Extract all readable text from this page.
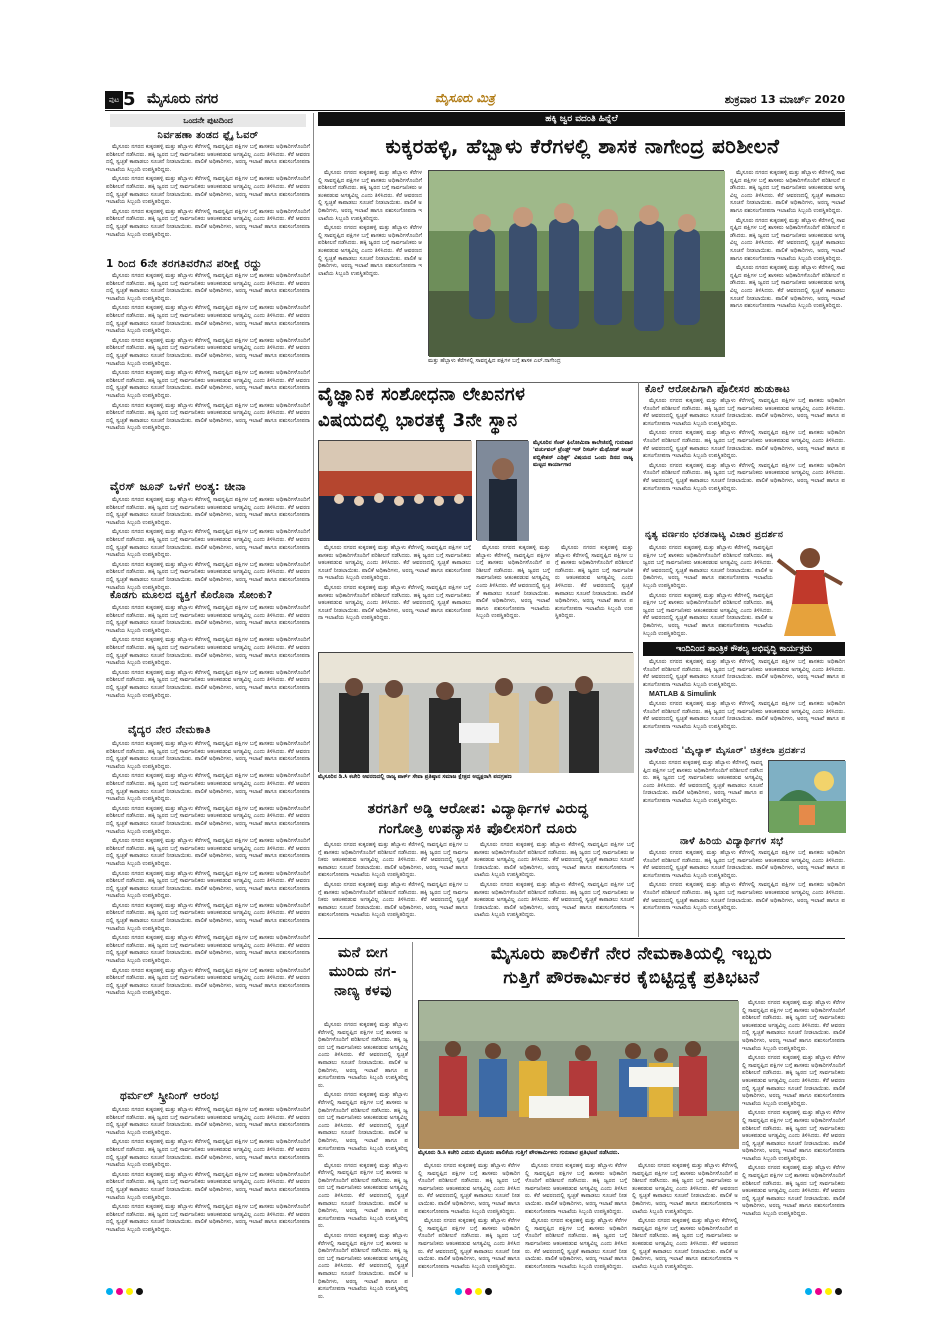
ಪುಟ 5 ಮೈಸೂರು ನಗರ	ಮೈಸೂರು ಮಿತ್ರ	ಶುಕ್ರವಾರ 13 ಮಾರ್ಚ್ 2020
ಒಂದನೇ ಪುಟದಿಂದ
ನಿರ್ವಹಣಾ ತಂಡದ ಫ್ಲೈ ಓವರ್

ಮೈಸೂರು ನಗರದ ಕುಕ್ಕರಹಳ್ಳಿ ಮತ್ತು ಹೆಬ್ಬಾಳು ಕೆರೆಗಳಲ್ಲಿ ಸಾವನ್ನಪ್ಪಿದ ಪಕ್ಷಿಗಳ ಬಗ್ಗೆ ಶಾಸಕರು ಅಧಿಕಾರಿಗಳೊಂದಿಗೆ ಪರಿಶೀಲನೆ ನಡೆಸಿದರು. ಹಕ್ಕಿ ಜ್ವರದ ಬಗ್ಗೆ ಸಾರ್ವಜನಿಕರು ಆತಂಕಪಡುವ ಅಗತ್ಯವಿಲ್ಲ ಎಂದು ತಿಳಿಸಿದರು. ಕೆರೆ ಆವರಣದಲ್ಲಿ ಸ್ವಚ್ಛತೆ ಕಾಪಾಡಲು ಸೂಚನೆ ನೀಡಲಾಯಿತು. ಪಾಲಿಕೆ ಅಧಿಕಾರಿಗಳು, ಅರಣ್ಯ ಇಲಾಖೆ ಹಾಗೂ ಪಶುಸಂಗೋಪನಾ ಇಲಾಖೆಯ ಸಿಬ್ಬಂದಿ ಉಪಸ್ಥಿತರಿದ್ದರು.

ಮೈಸೂರು ನಗರದ ಕುಕ್ಕರಹಳ್ಳಿ ಮತ್ತು ಹೆಬ್ಬಾಳು ಕೆರೆಗಳಲ್ಲಿ ಸಾವನ್ನಪ್ಪಿದ ಪಕ್ಷಿಗಳ ಬಗ್ಗೆ ಶಾಸಕರು ಅಧಿಕಾರಿಗಳೊಂದಿಗೆ ಪರಿಶೀಲನೆ ನಡೆಸಿದರು. ಹಕ್ಕಿ ಜ್ವರದ ಬಗ್ಗೆ ಸಾರ್ವಜನಿಕರು ಆತಂಕಪಡುವ ಅಗತ್ಯವಿಲ್ಲ ಎಂದು ತಿಳಿಸಿದರು. ಕೆರೆ ಆವರಣದಲ್ಲಿ ಸ್ವಚ್ಛತೆ ಕಾಪಾಡಲು ಸೂಚನೆ ನೀಡಲಾಯಿತು. ಪಾಲಿಕೆ ಅಧಿಕಾರಿಗಳು, ಅರಣ್ಯ ಇಲಾಖೆ ಹಾಗೂ ಪಶುಸಂಗೋಪನಾ ಇಲಾಖೆಯ ಸಿಬ್ಬಂದಿ ಉಪಸ್ಥಿತರಿದ್ದರು.

ಮೈಸೂರು ನಗರದ ಕುಕ್ಕರಹಳ್ಳಿ ಮತ್ತು ಹೆಬ್ಬಾಳು ಕೆರೆಗಳಲ್ಲಿ ಸಾವನ್ನಪ್ಪಿದ ಪಕ್ಷಿಗಳ ಬಗ್ಗೆ ಶಾಸಕರು ಅಧಿಕಾರಿಗಳೊಂದಿಗೆ ಪರಿಶೀಲನೆ ನಡೆಸಿದರು. ಹಕ್ಕಿ ಜ್ವರದ ಬಗ್ಗೆ ಸಾರ್ವಜನಿಕರು ಆತಂಕಪಡುವ ಅಗತ್ಯವಿಲ್ಲ ಎಂದು ತಿಳಿಸಿದರು. ಕೆರೆ ಆವರಣದಲ್ಲಿ ಸ್ವಚ್ಛತೆ ಕಾಪಾಡಲು ಸೂಚನೆ ನೀಡಲಾಯಿತು. ಪಾಲಿಕೆ ಅಧಿಕಾರಿಗಳು, ಅರಣ್ಯ ಇಲಾಖೆ ಹಾಗೂ ಪಶುಸಂಗೋಪನಾ ಇಲಾಖೆಯ ಸಿಬ್ಬಂದಿ ಉಪಸ್ಥಿತರಿದ್ದರು.

1 ರಿಂದ 6ನೇ ತರಗತಿವರೆಗಿನ ಪರೀಕ್ಷೆ ರದ್ದು

ಮೈಸೂರು ನಗರದ ಕುಕ್ಕರಹಳ್ಳಿ ಮತ್ತು ಹೆಬ್ಬಾಳು ಕೆರೆಗಳಲ್ಲಿ ಸಾವನ್ನಪ್ಪಿದ ಪಕ್ಷಿಗಳ ಬಗ್ಗೆ ಶಾಸಕರು ಅಧಿಕಾರಿಗಳೊಂದಿಗೆ ಪರಿಶೀಲನೆ ನಡೆಸಿದರು. ಹಕ್ಕಿ ಜ್ವರದ ಬಗ್ಗೆ ಸಾರ್ವಜನಿಕರು ಆತಂಕಪಡುವ ಅಗತ್ಯವಿಲ್ಲ ಎಂದು ತಿಳಿಸಿದರು. ಕೆರೆ ಆವರಣದಲ್ಲಿ ಸ್ವಚ್ಛತೆ ಕಾಪಾಡಲು ಸೂಚನೆ ನೀಡಲಾಯಿತು. ಪಾಲಿಕೆ ಅಧಿಕಾರಿಗಳು, ಅರಣ್ಯ ಇಲಾಖೆ ಹಾಗೂ ಪಶುಸಂಗೋಪನಾ ಇಲಾಖೆಯ ಸಿಬ್ಬಂದಿ ಉಪಸ್ಥಿತರಿದ್ದರು.

ಮೈಸೂರು ನಗರದ ಕುಕ್ಕರಹಳ್ಳಿ ಮತ್ತು ಹೆಬ್ಬಾಳು ಕೆರೆಗಳಲ್ಲಿ ಸಾವನ್ನಪ್ಪಿದ ಪಕ್ಷಿಗಳ ಬಗ್ಗೆ ಶಾಸಕರು ಅಧಿಕಾರಿಗಳೊಂದಿಗೆ ಪರಿಶೀಲನೆ ನಡೆಸಿದರು. ಹಕ್ಕಿ ಜ್ವರದ ಬಗ್ಗೆ ಸಾರ್ವಜನಿಕರು ಆತಂಕಪಡುವ ಅಗತ್ಯವಿಲ್ಲ ಎಂದು ತಿಳಿಸಿದರು. ಕೆರೆ ಆವರಣದಲ್ಲಿ ಸ್ವಚ್ಛತೆ ಕಾಪಾಡಲು ಸೂಚನೆ ನೀಡಲಾಯಿತು. ಪಾಲಿಕೆ ಅಧಿಕಾರಿಗಳು, ಅರಣ್ಯ ಇಲಾಖೆ ಹಾಗೂ ಪಶುಸಂಗೋಪನಾ ಇಲಾಖೆಯ ಸಿಬ್ಬಂದಿ ಉಪಸ್ಥಿತರಿದ್ದರು.

ಮೈಸೂರು ನಗರದ ಕುಕ್ಕರಹಳ್ಳಿ ಮತ್ತು ಹೆಬ್ಬಾಳು ಕೆರೆಗಳಲ್ಲಿ ಸಾವನ್ನಪ್ಪಿದ ಪಕ್ಷಿಗಳ ಬಗ್ಗೆ ಶಾಸಕರು ಅಧಿಕಾರಿಗಳೊಂದಿಗೆ ಪರಿಶೀಲನೆ ನಡೆಸಿದರು. ಹಕ್ಕಿ ಜ್ವರದ ಬಗ್ಗೆ ಸಾರ್ವಜನಿಕರು ಆತಂಕಪಡುವ ಅಗತ್ಯವಿಲ್ಲ ಎಂದು ತಿಳಿಸಿದರು. ಕೆರೆ ಆವರಣದಲ್ಲಿ ಸ್ವಚ್ಛತೆ ಕಾಪಾಡಲು ಸೂಚನೆ ನೀಡಲಾಯಿತು. ಪಾಲಿಕೆ ಅಧಿಕಾರಿಗಳು, ಅರಣ್ಯ ಇಲಾಖೆ ಹಾಗೂ ಪಶುಸಂಗೋಪನಾ ಇಲಾಖೆಯ ಸಿಬ್ಬಂದಿ ಉಪಸ್ಥಿತರಿದ್ದರು.

ಮೈಸೂರು ನಗರದ ಕುಕ್ಕರಹಳ್ಳಿ ಮತ್ತು ಹೆಬ್ಬಾಳು ಕೆರೆಗಳಲ್ಲಿ ಸಾವನ್ನಪ್ಪಿದ ಪಕ್ಷಿಗಳ ಬಗ್ಗೆ ಶಾಸಕರು ಅಧಿಕಾರಿಗಳೊಂದಿಗೆ ಪರಿಶೀಲನೆ ನಡೆಸಿದರು. ಹಕ್ಕಿ ಜ್ವರದ ಬಗ್ಗೆ ಸಾರ್ವಜನಿಕರು ಆತಂಕಪಡುವ ಅಗತ್ಯವಿಲ್ಲ ಎಂದು ತಿಳಿಸಿದರು. ಕೆರೆ ಆವರಣದಲ್ಲಿ ಸ್ವಚ್ಛತೆ ಕಾಪಾಡಲು ಸೂಚನೆ ನೀಡಲಾಯಿತು. ಪಾಲಿಕೆ ಅಧಿಕಾರಿಗಳು, ಅರಣ್ಯ ಇಲಾಖೆ ಹಾಗೂ ಪಶುಸಂಗೋಪನಾ ಇಲಾಖೆಯ ಸಿಬ್ಬಂದಿ ಉಪಸ್ಥಿತರಿದ್ದರು.

ಮೈಸೂರು ನಗರದ ಕುಕ್ಕರಹಳ್ಳಿ ಮತ್ತು ಹೆಬ್ಬಾಳು ಕೆರೆಗಳಲ್ಲಿ ಸಾವನ್ನಪ್ಪಿದ ಪಕ್ಷಿಗಳ ಬಗ್ಗೆ ಶಾಸಕರು ಅಧಿಕಾರಿಗಳೊಂದಿಗೆ ಪರಿಶೀಲನೆ ನಡೆಸಿದರು. ಹಕ್ಕಿ ಜ್ವರದ ಬಗ್ಗೆ ಸಾರ್ವಜನಿಕರು ಆತಂಕಪಡುವ ಅಗತ್ಯವಿಲ್ಲ ಎಂದು ತಿಳಿಸಿದರು. ಕೆರೆ ಆವರಣದಲ್ಲಿ ಸ್ವಚ್ಛತೆ ಕಾಪಾಡಲು ಸೂಚನೆ ನೀಡಲಾಯಿತು. ಪಾಲಿಕೆ ಅಧಿಕಾರಿಗಳು, ಅರಣ್ಯ ಇಲಾಖೆ ಹಾಗೂ ಪಶುಸಂಗೋಪನಾ ಇಲಾಖೆಯ ಸಿಬ್ಬಂದಿ ಉಪಸ್ಥಿತರಿದ್ದರು.

ವೈರಸ್ ಜೂನ್ ಒಳಗೆ ಅಂತ್ಯ: ಚೀನಾ

ಮೈಸೂರು ನಗರದ ಕುಕ್ಕರಹಳ್ಳಿ ಮತ್ತು ಹೆಬ್ಬಾಳು ಕೆರೆಗಳಲ್ಲಿ ಸಾವನ್ನಪ್ಪಿದ ಪಕ್ಷಿಗಳ ಬಗ್ಗೆ ಶಾಸಕರು ಅಧಿಕಾರಿಗಳೊಂದಿಗೆ ಪರಿಶೀಲನೆ ನಡೆಸಿದರು. ಹಕ್ಕಿ ಜ್ವರದ ಬಗ್ಗೆ ಸಾರ್ವಜನಿಕರು ಆತಂಕಪಡುವ ಅಗತ್ಯವಿಲ್ಲ ಎಂದು ತಿಳಿಸಿದರು. ಕೆರೆ ಆವರಣದಲ್ಲಿ ಸ್ವಚ್ಛತೆ ಕಾಪಾಡಲು ಸೂಚನೆ ನೀಡಲಾಯಿತು. ಪಾಲಿಕೆ ಅಧಿಕಾರಿಗಳು, ಅರಣ್ಯ ಇಲಾಖೆ ಹಾಗೂ ಪಶುಸಂಗೋಪನಾ ಇಲಾಖೆಯ ಸಿಬ್ಬಂದಿ ಉಪಸ್ಥಿತರಿದ್ದರು.

ಮೈಸೂರು ನಗರದ ಕುಕ್ಕರಹಳ್ಳಿ ಮತ್ತು ಹೆಬ್ಬಾಳು ಕೆರೆಗಳಲ್ಲಿ ಸಾವನ್ನಪ್ಪಿದ ಪಕ್ಷಿಗಳ ಬಗ್ಗೆ ಶಾಸಕರು ಅಧಿಕಾರಿಗಳೊಂದಿಗೆ ಪರಿಶೀಲನೆ ನಡೆಸಿದರು. ಹಕ್ಕಿ ಜ್ವರದ ಬಗ್ಗೆ ಸಾರ್ವಜನಿಕರು ಆತಂಕಪಡುವ ಅಗತ್ಯವಿಲ್ಲ ಎಂದು ತಿಳಿಸಿದರು. ಕೆರೆ ಆವರಣದಲ್ಲಿ ಸ್ವಚ್ಛತೆ ಕಾಪಾಡಲು ಸೂಚನೆ ನೀಡಲಾಯಿತು. ಪಾಲಿಕೆ ಅಧಿಕಾರಿಗಳು, ಅರಣ್ಯ ಇಲಾಖೆ ಹಾಗೂ ಪಶುಸಂಗೋಪನಾ ಇಲಾಖೆಯ ಸಿಬ್ಬಂದಿ ಉಪಸ್ಥಿತರಿದ್ದರು.

ಮೈಸೂರು ನಗರದ ಕುಕ್ಕರಹಳ್ಳಿ ಮತ್ತು ಹೆಬ್ಬಾಳು ಕೆರೆಗಳಲ್ಲಿ ಸಾವನ್ನಪ್ಪಿದ ಪಕ್ಷಿಗಳ ಬಗ್ಗೆ ಶಾಸಕರು ಅಧಿಕಾರಿಗಳೊಂದಿಗೆ ಪರಿಶೀಲನೆ ನಡೆಸಿದರು. ಹಕ್ಕಿ ಜ್ವರದ ಬಗ್ಗೆ ಸಾರ್ವಜನಿಕರು ಆತಂಕಪಡುವ ಅಗತ್ಯವಿಲ್ಲ ಎಂದು ತಿಳಿಸಿದರು. ಕೆರೆ ಆವರಣದಲ್ಲಿ ಸ್ವಚ್ಛತೆ ಕಾಪಾಡಲು ಸೂಚನೆ ನೀಡಲಾಯಿತು. ಪಾಲಿಕೆ ಅಧಿಕಾರಿಗಳು, ಅರಣ್ಯ ಇಲಾಖೆ ಹಾಗೂ ಪಶುಸಂಗೋಪನಾ ಇಲಾಖೆಯ ಸಿಬ್ಬಂದಿ ಉಪಸ್ಥಿತರಿದ್ದರು.

ಕೊಡಗು ಮೂಲದ ವ್ಯಕ್ತಿಗೆ ಕೊರೊನಾ ಸೋಂಕು?

ಮೈಸೂರು ನಗರದ ಕುಕ್ಕರಹಳ್ಳಿ ಮತ್ತು ಹೆಬ್ಬಾಳು ಕೆರೆಗಳಲ್ಲಿ ಸಾವನ್ನಪ್ಪಿದ ಪಕ್ಷಿಗಳ ಬಗ್ಗೆ ಶಾಸಕರು ಅಧಿಕಾರಿಗಳೊಂದಿಗೆ ಪರಿಶೀಲನೆ ನಡೆಸಿದರು. ಹಕ್ಕಿ ಜ್ವರದ ಬಗ್ಗೆ ಸಾರ್ವಜನಿಕರು ಆತಂಕಪಡುವ ಅಗತ್ಯವಿಲ್ಲ ಎಂದು ತಿಳಿಸಿದರು. ಕೆರೆ ಆವರಣದಲ್ಲಿ ಸ್ವಚ್ಛತೆ ಕಾಪಾಡಲು ಸೂಚನೆ ನೀಡಲಾಯಿತು. ಪಾಲಿಕೆ ಅಧಿಕಾರಿಗಳು, ಅರಣ್ಯ ಇಲಾಖೆ ಹಾಗೂ ಪಶುಸಂಗೋಪನಾ ಇಲಾಖೆಯ ಸಿಬ್ಬಂದಿ ಉಪಸ್ಥಿತರಿದ್ದರು.

ಮೈಸೂರು ನಗರದ ಕುಕ್ಕರಹಳ್ಳಿ ಮತ್ತು ಹೆಬ್ಬಾಳು ಕೆರೆಗಳಲ್ಲಿ ಸಾವನ್ನಪ್ಪಿದ ಪಕ್ಷಿಗಳ ಬಗ್ಗೆ ಶಾಸಕರು ಅಧಿಕಾರಿಗಳೊಂದಿಗೆ ಪರಿಶೀಲನೆ ನಡೆಸಿದರು. ಹಕ್ಕಿ ಜ್ವರದ ಬಗ್ಗೆ ಸಾರ್ವಜನಿಕರು ಆತಂಕಪಡುವ ಅಗತ್ಯವಿಲ್ಲ ಎಂದು ತಿಳಿಸಿದರು. ಕೆರೆ ಆವರಣದಲ್ಲಿ ಸ್ವಚ್ಛತೆ ಕಾಪಾಡಲು ಸೂಚನೆ ನೀಡಲಾಯಿತು. ಪಾಲಿಕೆ ಅಧಿಕಾರಿಗಳು, ಅರಣ್ಯ ಇಲಾಖೆ ಹಾಗೂ ಪಶುಸಂಗೋಪನಾ ಇಲಾಖೆಯ ಸಿಬ್ಬಂದಿ ಉಪಸ್ಥಿತರಿದ್ದರು.

ಮೈಸೂರು ನಗರದ ಕುಕ್ಕರಹಳ್ಳಿ ಮತ್ತು ಹೆಬ್ಬಾಳು ಕೆರೆಗಳಲ್ಲಿ ಸಾವನ್ನಪ್ಪಿದ ಪಕ್ಷಿಗಳ ಬಗ್ಗೆ ಶಾಸಕರು ಅಧಿಕಾರಿಗಳೊಂದಿಗೆ ಪರಿಶೀಲನೆ ನಡೆಸಿದರು. ಹಕ್ಕಿ ಜ್ವರದ ಬಗ್ಗೆ ಸಾರ್ವಜನಿಕರು ಆತಂಕಪಡುವ ಅಗತ್ಯವಿಲ್ಲ ಎಂದು ತಿಳಿಸಿದರು. ಕೆರೆ ಆವರಣದಲ್ಲಿ ಸ್ವಚ್ಛತೆ ಕಾಪಾಡಲು ಸೂಚನೆ ನೀಡಲಾಯಿತು. ಪಾಲಿಕೆ ಅಧಿಕಾರಿಗಳು, ಅರಣ್ಯ ಇಲಾಖೆ ಹಾಗೂ ಪಶುಸಂಗೋಪನಾ ಇಲಾಖೆಯ ಸಿಬ್ಬಂದಿ ಉಪಸ್ಥಿತರಿದ್ದರು.

ವೈದ್ಯರ ನೇರ ನೇಮಕಾತಿ

ಮೈಸೂರು ನಗರದ ಕುಕ್ಕರಹಳ್ಳಿ ಮತ್ತು ಹೆಬ್ಬಾಳು ಕೆರೆಗಳಲ್ಲಿ ಸಾವನ್ನಪ್ಪಿದ ಪಕ್ಷಿಗಳ ಬಗ್ಗೆ ಶಾಸಕರು ಅಧಿಕಾರಿಗಳೊಂದಿಗೆ ಪರಿಶೀಲನೆ ನಡೆಸಿದರು. ಹಕ್ಕಿ ಜ್ವರದ ಬಗ್ಗೆ ಸಾರ್ವಜನಿಕರು ಆತಂಕಪಡುವ ಅಗತ್ಯವಿಲ್ಲ ಎಂದು ತಿಳಿಸಿದರು. ಕೆರೆ ಆವರಣದಲ್ಲಿ ಸ್ವಚ್ಛತೆ ಕಾಪಾಡಲು ಸೂಚನೆ ನೀಡಲಾಯಿತು. ಪಾಲಿಕೆ ಅಧಿಕಾರಿಗಳು, ಅರಣ್ಯ ಇಲಾಖೆ ಹಾಗೂ ಪಶುಸಂಗೋಪನಾ ಇಲಾಖೆಯ ಸಿಬ್ಬಂದಿ ಉಪಸ್ಥಿತರಿದ್ದರು.

ಮೈಸೂರು ನಗರದ ಕುಕ್ಕರಹಳ್ಳಿ ಮತ್ತು ಹೆಬ್ಬಾಳು ಕೆರೆಗಳಲ್ಲಿ ಸಾವನ್ನಪ್ಪಿದ ಪಕ್ಷಿಗಳ ಬಗ್ಗೆ ಶಾಸಕರು ಅಧಿಕಾರಿಗಳೊಂದಿಗೆ ಪರಿಶೀಲನೆ ನಡೆಸಿದರು. ಹಕ್ಕಿ ಜ್ವರದ ಬಗ್ಗೆ ಸಾರ್ವಜನಿಕರು ಆತಂಕಪಡುವ ಅಗತ್ಯವಿಲ್ಲ ಎಂದು ತಿಳಿಸಿದರು. ಕೆರೆ ಆವರಣದಲ್ಲಿ ಸ್ವಚ್ಛತೆ ಕಾಪಾಡಲು ಸೂಚನೆ ನೀಡಲಾಯಿತು. ಪಾಲಿಕೆ ಅಧಿಕಾರಿಗಳು, ಅರಣ್ಯ ಇಲಾಖೆ ಹಾಗೂ ಪಶುಸಂಗೋಪನಾ ಇಲಾಖೆಯ ಸಿಬ್ಬಂದಿ ಉಪಸ್ಥಿತರಿದ್ದರು.

ಮೈಸೂರು ನಗರದ ಕುಕ್ಕರಹಳ್ಳಿ ಮತ್ತು ಹೆಬ್ಬಾಳು ಕೆರೆಗಳಲ್ಲಿ ಸಾವನ್ನಪ್ಪಿದ ಪಕ್ಷಿಗಳ ಬಗ್ಗೆ ಶಾಸಕರು ಅಧಿಕಾರಿಗಳೊಂದಿಗೆ ಪರಿಶೀಲನೆ ನಡೆಸಿದರು. ಹಕ್ಕಿ ಜ್ವರದ ಬಗ್ಗೆ ಸಾರ್ವಜನಿಕರು ಆತಂಕಪಡುವ ಅಗತ್ಯವಿಲ್ಲ ಎಂದು ತಿಳಿಸಿದರು. ಕೆರೆ ಆವರಣದಲ್ಲಿ ಸ್ವಚ್ಛತೆ ಕಾಪಾಡಲು ಸೂಚನೆ ನೀಡಲಾಯಿತು. ಪಾಲಿಕೆ ಅಧಿಕಾರಿಗಳು, ಅರಣ್ಯ ಇಲಾಖೆ ಹಾಗೂ ಪಶುಸಂಗೋಪನಾ ಇಲಾಖೆಯ ಸಿಬ್ಬಂದಿ ಉಪಸ್ಥಿತರಿದ್ದರು.

ಮೈಸೂರು ನಗರದ ಕುಕ್ಕರಹಳ್ಳಿ ಮತ್ತು ಹೆಬ್ಬಾಳು ಕೆರೆಗಳಲ್ಲಿ ಸಾವನ್ನಪ್ಪಿದ ಪಕ್ಷಿಗಳ ಬಗ್ಗೆ ಶಾಸಕರು ಅಧಿಕಾರಿಗಳೊಂದಿಗೆ ಪರಿಶೀಲನೆ ನಡೆಸಿದರು. ಹಕ್ಕಿ ಜ್ವರದ ಬಗ್ಗೆ ಸಾರ್ವಜನಿಕರು ಆತಂಕಪಡುವ ಅಗತ್ಯವಿಲ್ಲ ಎಂದು ತಿಳಿಸಿದರು. ಕೆರೆ ಆವರಣದಲ್ಲಿ ಸ್ವಚ್ಛತೆ ಕಾಪಾಡಲು ಸೂಚನೆ ನೀಡಲಾಯಿತು. ಪಾಲಿಕೆ ಅಧಿಕಾರಿಗಳು, ಅರಣ್ಯ ಇಲಾಖೆ ಹಾಗೂ ಪಶುಸಂಗೋಪನಾ ಇಲಾಖೆಯ ಸಿಬ್ಬಂದಿ ಉಪಸ್ಥಿತರಿದ್ದರು.

ಮೈಸೂರು ನಗರದ ಕುಕ್ಕರಹಳ್ಳಿ ಮತ್ತು ಹೆಬ್ಬಾಳು ಕೆರೆಗಳಲ್ಲಿ ಸಾವನ್ನಪ್ಪಿದ ಪಕ್ಷಿಗಳ ಬಗ್ಗೆ ಶಾಸಕರು ಅಧಿಕಾರಿಗಳೊಂದಿಗೆ ಪರಿಶೀಲನೆ ನಡೆಸಿದರು. ಹಕ್ಕಿ ಜ್ವರದ ಬಗ್ಗೆ ಸಾರ್ವಜನಿಕರು ಆತಂಕಪಡುವ ಅಗತ್ಯವಿಲ್ಲ ಎಂದು ತಿಳಿಸಿದರು. ಕೆರೆ ಆವರಣದಲ್ಲಿ ಸ್ವಚ್ಛತೆ ಕಾಪಾಡಲು ಸೂಚನೆ ನೀಡಲಾಯಿತು. ಪಾಲಿಕೆ ಅಧಿಕಾರಿಗಳು, ಅರಣ್ಯ ಇಲಾಖೆ ಹಾಗೂ ಪಶುಸಂಗೋಪನಾ ಇಲಾಖೆಯ ಸಿಬ್ಬಂದಿ ಉಪಸ್ಥಿತರಿದ್ದರು.

ಮೈಸೂರು ನಗರದ ಕುಕ್ಕರಹಳ್ಳಿ ಮತ್ತು ಹೆಬ್ಬಾಳು ಕೆರೆಗಳಲ್ಲಿ ಸಾವನ್ನಪ್ಪಿದ ಪಕ್ಷಿಗಳ ಬಗ್ಗೆ ಶಾಸಕರು ಅಧಿಕಾರಿಗಳೊಂದಿಗೆ ಪರಿಶೀಲನೆ ನಡೆಸಿದರು. ಹಕ್ಕಿ ಜ್ವರದ ಬಗ್ಗೆ ಸಾರ್ವಜನಿಕರು ಆತಂಕಪಡುವ ಅಗತ್ಯವಿಲ್ಲ ಎಂದು ತಿಳಿಸಿದರು. ಕೆರೆ ಆವರಣದಲ್ಲಿ ಸ್ವಚ್ಛತೆ ಕಾಪಾಡಲು ಸೂಚನೆ ನೀಡಲಾಯಿತು. ಪಾಲಿಕೆ ಅಧಿಕಾರಿಗಳು, ಅರಣ್ಯ ಇಲಾಖೆ ಹಾಗೂ ಪಶುಸಂಗೋಪನಾ ಇಲಾಖೆಯ ಸಿಬ್ಬಂದಿ ಉಪಸ್ಥಿತರಿದ್ದರು.

ಮೈಸೂರು ನಗರದ ಕುಕ್ಕರಹಳ್ಳಿ ಮತ್ತು ಹೆಬ್ಬಾಳು ಕೆರೆಗಳಲ್ಲಿ ಸಾವನ್ನಪ್ಪಿದ ಪಕ್ಷಿಗಳ ಬಗ್ಗೆ ಶಾಸಕರು ಅಧಿಕಾರಿಗಳೊಂದಿಗೆ ಪರಿಶೀಲನೆ ನಡೆಸಿದರು. ಹಕ್ಕಿ ಜ್ವರದ ಬಗ್ಗೆ ಸಾರ್ವಜನಿಕರು ಆತಂಕಪಡುವ ಅಗತ್ಯವಿಲ್ಲ ಎಂದು ತಿಳಿಸಿದರು. ಕೆರೆ ಆವರಣದಲ್ಲಿ ಸ್ವಚ್ಛತೆ ಕಾಪಾಡಲು ಸೂಚನೆ ನೀಡಲಾಯಿತು. ಪಾಲಿಕೆ ಅಧಿಕಾರಿಗಳು, ಅರಣ್ಯ ಇಲಾಖೆ ಹಾಗೂ ಪಶುಸಂಗೋಪನಾ ಇಲಾಖೆಯ ಸಿಬ್ಬಂದಿ ಉಪಸ್ಥಿತರಿದ್ದರು.

ಮೈಸೂರು ನಗರದ ಕುಕ್ಕರಹಳ್ಳಿ ಮತ್ತು ಹೆಬ್ಬಾಳು ಕೆರೆಗಳಲ್ಲಿ ಸಾವನ್ನಪ್ಪಿದ ಪಕ್ಷಿಗಳ ಬಗ್ಗೆ ಶಾಸಕರು ಅಧಿಕಾರಿಗಳೊಂದಿಗೆ ಪರಿಶೀಲನೆ ನಡೆಸಿದರು. ಹಕ್ಕಿ ಜ್ವರದ ಬಗ್ಗೆ ಸಾರ್ವಜನಿಕರು ಆತಂಕಪಡುವ ಅಗತ್ಯವಿಲ್ಲ ಎಂದು ತಿಳಿಸಿದರು. ಕೆರೆ ಆವರಣದಲ್ಲಿ ಸ್ವಚ್ಛತೆ ಕಾಪಾಡಲು ಸೂಚನೆ ನೀಡಲಾಯಿತು. ಪಾಲಿಕೆ ಅಧಿಕಾರಿಗಳು, ಅರಣ್ಯ ಇಲಾಖೆ ಹಾಗೂ ಪಶುಸಂಗೋಪನಾ ಇಲಾಖೆಯ ಸಿಬ್ಬಂದಿ ಉಪಸ್ಥಿತರಿದ್ದರು.

ಥರ್ಮಲ್ ಸ್ಕ್ರೀನಿಂಗ್ ಆರಂಭ

ಮೈಸೂರು ನಗರದ ಕುಕ್ಕರಹಳ್ಳಿ ಮತ್ತು ಹೆಬ್ಬಾಳು ಕೆರೆಗಳಲ್ಲಿ ಸಾವನ್ನಪ್ಪಿದ ಪಕ್ಷಿಗಳ ಬಗ್ಗೆ ಶಾಸಕರು ಅಧಿಕಾರಿಗಳೊಂದಿಗೆ ಪರಿಶೀಲನೆ ನಡೆಸಿದರು. ಹಕ್ಕಿ ಜ್ವರದ ಬಗ್ಗೆ ಸಾರ್ವಜನಿಕರು ಆತಂಕಪಡುವ ಅಗತ್ಯವಿಲ್ಲ ಎಂದು ತಿಳಿಸಿದರು. ಕೆರೆ ಆವರಣದಲ್ಲಿ ಸ್ವಚ್ಛತೆ ಕಾಪಾಡಲು ಸೂಚನೆ ನೀಡಲಾಯಿತು. ಪಾಲಿಕೆ ಅಧಿಕಾರಿಗಳು, ಅರಣ್ಯ ಇಲಾಖೆ ಹಾಗೂ ಪಶುಸಂಗೋಪನಾ ಇಲಾಖೆಯ ಸಿಬ್ಬಂದಿ ಉಪಸ್ಥಿತರಿದ್ದರು.

ಮೈಸೂರು ನಗರದ ಕುಕ್ಕರಹಳ್ಳಿ ಮತ್ತು ಹೆಬ್ಬಾಳು ಕೆರೆಗಳಲ್ಲಿ ಸಾವನ್ನಪ್ಪಿದ ಪಕ್ಷಿಗಳ ಬಗ್ಗೆ ಶಾಸಕರು ಅಧಿಕಾರಿಗಳೊಂದಿಗೆ ಪರಿಶೀಲನೆ ನಡೆಸಿದರು. ಹಕ್ಕಿ ಜ್ವರದ ಬಗ್ಗೆ ಸಾರ್ವಜನಿಕರು ಆತಂಕಪಡುವ ಅಗತ್ಯವಿಲ್ಲ ಎಂದು ತಿಳಿಸಿದರು. ಕೆರೆ ಆವರಣದಲ್ಲಿ ಸ್ವಚ್ಛತೆ ಕಾಪಾಡಲು ಸೂಚನೆ ನೀಡಲಾಯಿತು. ಪಾಲಿಕೆ ಅಧಿಕಾರಿಗಳು, ಅರಣ್ಯ ಇಲಾಖೆ ಹಾಗೂ ಪಶುಸಂಗೋಪನಾ ಇಲಾಖೆಯ ಸಿಬ್ಬಂದಿ ಉಪಸ್ಥಿತರಿದ್ದರು.

ಮೈಸೂರು ನಗರದ ಕುಕ್ಕರಹಳ್ಳಿ ಮತ್ತು ಹೆಬ್ಬಾಳು ಕೆರೆಗಳಲ್ಲಿ ಸಾವನ್ನಪ್ಪಿದ ಪಕ್ಷಿಗಳ ಬಗ್ಗೆ ಶಾಸಕರು ಅಧಿಕಾರಿಗಳೊಂದಿಗೆ ಪರಿಶೀಲನೆ ನಡೆಸಿದರು. ಹಕ್ಕಿ ಜ್ವರದ ಬಗ್ಗೆ ಸಾರ್ವಜನಿಕರು ಆತಂಕಪಡುವ ಅಗತ್ಯವಿಲ್ಲ ಎಂದು ತಿಳಿಸಿದರು. ಕೆರೆ ಆವರಣದಲ್ಲಿ ಸ್ವಚ್ಛತೆ ಕಾಪಾಡಲು ಸೂಚನೆ ನೀಡಲಾಯಿತು. ಪಾಲಿಕೆ ಅಧಿಕಾರಿಗಳು, ಅರಣ್ಯ ಇಲಾಖೆ ಹಾಗೂ ಪಶುಸಂಗೋಪನಾ ಇಲಾಖೆಯ ಸಿಬ್ಬಂದಿ ಉಪಸ್ಥಿತರಿದ್ದರು.

ಮೈಸೂರು ನಗರದ ಕುಕ್ಕರಹಳ್ಳಿ ಮತ್ತು ಹೆಬ್ಬಾಳು ಕೆರೆಗಳಲ್ಲಿ ಸಾವನ್ನಪ್ಪಿದ ಪಕ್ಷಿಗಳ ಬಗ್ಗೆ ಶಾಸಕರು ಅಧಿಕಾರಿಗಳೊಂದಿಗೆ ಪರಿಶೀಲನೆ ನಡೆಸಿದರು. ಹಕ್ಕಿ ಜ್ವರದ ಬಗ್ಗೆ ಸಾರ್ವಜನಿಕರು ಆತಂಕಪಡುವ ಅಗತ್ಯವಿಲ್ಲ ಎಂದು ತಿಳಿಸಿದರು. ಕೆರೆ ಆವರಣದಲ್ಲಿ ಸ್ವಚ್ಛತೆ ಕಾಪಾಡಲು ಸೂಚನೆ ನೀಡಲಾಯಿತು. ಪಾಲಿಕೆ ಅಧಿಕಾರಿಗಳು, ಅರಣ್ಯ ಇಲಾಖೆ ಹಾಗೂ ಪಶುಸಂಗೋಪನಾ ಇಲಾಖೆಯ ಸಿಬ್ಬಂದಿ ಉಪಸ್ಥಿತರಿದ್ದರು.

ಹಕ್ಕಿ ಜ್ವರ ವದಂತಿ ಹಿನ್ನೆಲೆ
ಕುಕ್ಕರಹಳ್ಳಿ, ಹೆಬ್ಬಾಳು ಕೆರೆಗಳಲ್ಲಿ ಶಾಸಕ ನಾಗೇಂದ್ರ ಪರಿಶೀಲನೆ

ಮೈಸೂರು ನಗರದ ಕುಕ್ಕರಹಳ್ಳಿ ಮತ್ತು ಹೆಬ್ಬಾಳು ಕೆರೆಗಳಲ್ಲಿ ಸಾವನ್ನಪ್ಪಿದ ಪಕ್ಷಿಗಳ ಬಗ್ಗೆ ಶಾಸಕರು ಅಧಿಕಾರಿಗಳೊಂದಿಗೆ ಪರಿಶೀಲನೆ ನಡೆಸಿದರು. ಹಕ್ಕಿ ಜ್ವರದ ಬಗ್ಗೆ ಸಾರ್ವಜನಿಕರು ಆತಂಕಪಡುವ ಅಗತ್ಯವಿಲ್ಲ ಎಂದು ತಿಳಿಸಿದರು. ಕೆರೆ ಆವರಣದಲ್ಲಿ ಸ್ವಚ್ಛತೆ ಕಾಪಾಡಲು ಸೂಚನೆ ನೀಡಲಾಯಿತು. ಪಾಲಿಕೆ ಅಧಿಕಾರಿಗಳು, ಅರಣ್ಯ ಇಲಾಖೆ ಹಾಗೂ ಪಶುಸಂಗೋಪನಾ ಇಲಾಖೆಯ ಸಿಬ್ಬಂದಿ ಉಪಸ್ಥಿತರಿದ್ದರು.

ಮೈಸೂರು ನಗರದ ಕುಕ್ಕರಹಳ್ಳಿ ಮತ್ತು ಹೆಬ್ಬಾಳು ಕೆರೆಗಳಲ್ಲಿ ಸಾವನ್ನಪ್ಪಿದ ಪಕ್ಷಿಗಳ ಬಗ್ಗೆ ಶಾಸಕರು ಅಧಿಕಾರಿಗಳೊಂದಿಗೆ ಪರಿಶೀಲನೆ ನಡೆಸಿದರು. ಹಕ್ಕಿ ಜ್ವರದ ಬಗ್ಗೆ ಸಾರ್ವಜನಿಕರು ಆತಂಕಪಡುವ ಅಗತ್ಯವಿಲ್ಲ ಎಂದು ತಿಳಿಸಿದರು. ಕೆರೆ ಆವರಣದಲ್ಲಿ ಸ್ವಚ್ಛತೆ ಕಾಪಾಡಲು ಸೂಚನೆ ನೀಡಲಾಯಿತು. ಪಾಲಿಕೆ ಅಧಿಕಾರಿಗಳು, ಅರಣ್ಯ ಇಲಾಖೆ ಹಾಗೂ ಪಶುಸಂಗೋಪನಾ ಇಲಾಖೆಯ ಸಿಬ್ಬಂದಿ ಉಪಸ್ಥಿತರಿದ್ದರು.

ಮತ್ತು ಹೆಬ್ಬಾಳು ಕೆರೆಗಳಲ್ಲಿ ಸಾವನ್ನಪ್ಪಿದ ಪಕ್ಷಿಗಳ ಬಗ್ಗೆ ಶಾಸಕ ಎಲ್.ನಾಗೇಂದ್ರ

ಮೈಸೂರು ನಗರದ ಕುಕ್ಕರಹಳ್ಳಿ ಮತ್ತು ಹೆಬ್ಬಾಳು ಕೆರೆಗಳಲ್ಲಿ ಸಾವನ್ನಪ್ಪಿದ ಪಕ್ಷಿಗಳ ಬಗ್ಗೆ ಶಾಸಕರು ಅಧಿಕಾರಿಗಳೊಂದಿಗೆ ಪರಿಶೀಲನೆ ನಡೆಸಿದರು. ಹಕ್ಕಿ ಜ್ವರದ ಬಗ್ಗೆ ಸಾರ್ವಜನಿಕರು ಆತಂಕಪಡುವ ಅಗತ್ಯವಿಲ್ಲ ಎಂದು ತಿಳಿಸಿದರು. ಕೆರೆ ಆವರಣದಲ್ಲಿ ಸ್ವಚ್ಛತೆ ಕಾಪಾಡಲು ಸೂಚನೆ ನೀಡಲಾಯಿತು. ಪಾಲಿಕೆ ಅಧಿಕಾರಿಗಳು, ಅರಣ್ಯ ಇಲಾಖೆ ಹಾಗೂ ಪಶುಸಂಗೋಪನಾ ಇಲಾಖೆಯ ಸಿಬ್ಬಂದಿ ಉಪಸ್ಥಿತರಿದ್ದರು.

ಮೈಸೂರು ನಗರದ ಕುಕ್ಕರಹಳ್ಳಿ ಮತ್ತು ಹೆಬ್ಬಾಳು ಕೆರೆಗಳಲ್ಲಿ ಸಾವನ್ನಪ್ಪಿದ ಪಕ್ಷಿಗಳ ಬಗ್ಗೆ ಶಾಸಕರು ಅಧಿಕಾರಿಗಳೊಂದಿಗೆ ಪರಿಶೀಲನೆ ನಡೆಸಿದರು. ಹಕ್ಕಿ ಜ್ವರದ ಬಗ್ಗೆ ಸಾರ್ವಜನಿಕರು ಆತಂಕಪಡುವ ಅಗತ್ಯವಿಲ್ಲ ಎಂದು ತಿಳಿಸಿದರು. ಕೆರೆ ಆವರಣದಲ್ಲಿ ಸ್ವಚ್ಛತೆ ಕಾಪಾಡಲು ಸೂಚನೆ ನೀಡಲಾಯಿತು. ಪಾಲಿಕೆ ಅಧಿಕಾರಿಗಳು, ಅರಣ್ಯ ಇಲಾಖೆ ಹಾಗೂ ಪಶುಸಂಗೋಪನಾ ಇಲಾಖೆಯ ಸಿಬ್ಬಂದಿ ಉಪಸ್ಥಿತರಿದ್ದರು.

ಮೈಸೂರು ನಗರದ ಕುಕ್ಕರಹಳ್ಳಿ ಮತ್ತು ಹೆಬ್ಬಾಳು ಕೆರೆಗಳಲ್ಲಿ ಸಾವನ್ನಪ್ಪಿದ ಪಕ್ಷಿಗಳ ಬಗ್ಗೆ ಶಾಸಕರು ಅಧಿಕಾರಿಗಳೊಂದಿಗೆ ಪರಿಶೀಲನೆ ನಡೆಸಿದರು. ಹಕ್ಕಿ ಜ್ವರದ ಬಗ್ಗೆ ಸಾರ್ವಜನಿಕರು ಆತಂಕಪಡುವ ಅಗತ್ಯವಿಲ್ಲ ಎಂದು ತಿಳಿಸಿದರು. ಕೆರೆ ಆವರಣದಲ್ಲಿ ಸ್ವಚ್ಛತೆ ಕಾಪಾಡಲು ಸೂಚನೆ ನೀಡಲಾಯಿತು. ಪಾಲಿಕೆ ಅಧಿಕಾರಿಗಳು, ಅರಣ್ಯ ಇಲಾಖೆ ಹಾಗೂ ಪಶುಸಂಗೋಪನಾ ಇಲಾಖೆಯ ಸಿಬ್ಬಂದಿ ಉಪಸ್ಥಿತರಿದ್ದರು.

ವೈಜ್ಞಾನಿಕ ಸಂಶೋಧನಾ ಲೇಖನಗಳ
ವಿಷಯದಲ್ಲಿ ಭಾರತಕ್ಕೆ 3ನೇ ಸ್ಥಾನ
ಮೈಸೂರಿನ ಸೆಂಟ್ ಫಿಲೋಮಿನಾ ಕಾಲೇಜಿನಲ್ಲಿ ಗುರುವಾರ 'ವರ್ಚುವಲ್ ಟ್ರೆಂಡ್ಸ್ ಇನ್ ರಿಸರ್ಚ್ ಮೆಥೋಡ್ ಅಂಡ್ ಪಬ್ಲಿಕೇಶನ್ ಎಥಿಕ್ಸ್' ವಿಷಯದ ಒಂದು ದಿನದ ರಾಜ್ಯ ಮಟ್ಟದ ಕಾರ್ಯಾಗಾರ

ಮೈಸೂರು ನಗರದ ಕುಕ್ಕರಹಳ್ಳಿ ಮತ್ತು ಹೆಬ್ಬಾಳು ಕೆರೆಗಳಲ್ಲಿ ಸಾವನ್ನಪ್ಪಿದ ಪಕ್ಷಿಗಳ ಬಗ್ಗೆ ಶಾಸಕರು ಅಧಿಕಾರಿಗಳೊಂದಿಗೆ ಪರಿಶೀಲನೆ ನಡೆಸಿದರು. ಹಕ್ಕಿ ಜ್ವರದ ಬಗ್ಗೆ ಸಾರ್ವಜನಿಕರು ಆತಂಕಪಡುವ ಅಗತ್ಯವಿಲ್ಲ ಎಂದು ತಿಳಿಸಿದರು. ಕೆರೆ ಆವರಣದಲ್ಲಿ ಸ್ವಚ್ಛತೆ ಕಾಪಾಡಲು ಸೂಚನೆ ನೀಡಲಾಯಿತು. ಪಾಲಿಕೆ ಅಧಿಕಾರಿಗಳು, ಅರಣ್ಯ ಇಲಾಖೆ ಹಾಗೂ ಪಶುಸಂಗೋಪನಾ ಇಲಾಖೆಯ ಸಿಬ್ಬಂದಿ ಉಪಸ್ಥಿತರಿದ್ದರು.

ಮೈಸೂರು ನಗರದ ಕುಕ್ಕರಹಳ್ಳಿ ಮತ್ತು ಹೆಬ್ಬಾಳು ಕೆರೆಗಳಲ್ಲಿ ಸಾವನ್ನಪ್ಪಿದ ಪಕ್ಷಿಗಳ ಬಗ್ಗೆ ಶಾಸಕರು ಅಧಿಕಾರಿಗಳೊಂದಿಗೆ ಪರಿಶೀಲನೆ ನಡೆಸಿದರು. ಹಕ್ಕಿ ಜ್ವರದ ಬಗ್ಗೆ ಸಾರ್ವಜನಿಕರು ಆತಂಕಪಡುವ ಅಗತ್ಯವಿಲ್ಲ ಎಂದು ತಿಳಿಸಿದರು. ಕೆರೆ ಆವರಣದಲ್ಲಿ ಸ್ವಚ್ಛತೆ ಕಾಪಾಡಲು ಸೂಚನೆ ನೀಡಲಾಯಿತು. ಪಾಲಿಕೆ ಅಧಿಕಾರಿಗಳು, ಅರಣ್ಯ ಇಲಾಖೆ ಹಾಗೂ ಪಶುಸಂಗೋಪನಾ ಇಲಾಖೆಯ ಸಿಬ್ಬಂದಿ ಉಪಸ್ಥಿತರಿದ್ದರು.

ಮೈಸೂರು ನಗರದ ಕುಕ್ಕರಹಳ್ಳಿ ಮತ್ತು ಹೆಬ್ಬಾಳು ಕೆರೆಗಳಲ್ಲಿ ಸಾವನ್ನಪ್ಪಿದ ಪಕ್ಷಿಗಳ ಬಗ್ಗೆ ಶಾಸಕರು ಅಧಿಕಾರಿಗಳೊಂದಿಗೆ ಪರಿಶೀಲನೆ ನಡೆಸಿದರು. ಹಕ್ಕಿ ಜ್ವರದ ಬಗ್ಗೆ ಸಾರ್ವಜನಿಕರು ಆತಂಕಪಡುವ ಅಗತ್ಯವಿಲ್ಲ ಎಂದು ತಿಳಿಸಿದರು. ಕೆರೆ ಆವರಣದಲ್ಲಿ ಸ್ವಚ್ಛತೆ ಕಾಪಾಡಲು ಸೂಚನೆ ನೀಡಲಾಯಿತು. ಪಾಲಿಕೆ ಅಧಿಕಾರಿಗಳು, ಅರಣ್ಯ ಇಲಾಖೆ ಹಾಗೂ ಪಶುಸಂಗೋಪನಾ ಇಲಾಖೆಯ ಸಿಬ್ಬಂದಿ ಉಪಸ್ಥಿತರಿದ್ದರು.

ಮೈಸೂರು ನಗರದ ಕುಕ್ಕರಹಳ್ಳಿ ಮತ್ತು ಹೆಬ್ಬಾಳು ಕೆರೆಗಳಲ್ಲಿ ಸಾವನ್ನಪ್ಪಿದ ಪಕ್ಷಿಗಳ ಬಗ್ಗೆ ಶಾಸಕರು ಅಧಿಕಾರಿಗಳೊಂದಿಗೆ ಪರಿಶೀಲನೆ ನಡೆಸಿದರು. ಹಕ್ಕಿ ಜ್ವರದ ಬಗ್ಗೆ ಸಾರ್ವಜನಿಕರು ಆತಂಕಪಡುವ ಅಗತ್ಯವಿಲ್ಲ ಎಂದು ತಿಳಿಸಿದರು. ಕೆರೆ ಆವರಣದಲ್ಲಿ ಸ್ವಚ್ಛತೆ ಕಾಪಾಡಲು ಸೂಚನೆ ನೀಡಲಾಯಿತು. ಪಾಲಿಕೆ ಅಧಿಕಾರಿಗಳು, ಅರಣ್ಯ ಇಲಾಖೆ ಹಾಗೂ ಪಶುಸಂಗೋಪನಾ ಇಲಾಖೆಯ ಸಿಬ್ಬಂದಿ ಉಪಸ್ಥಿತರಿದ್ದರು.

ಮೈಸೂರಿನ ಡಿ.ಸಿ ಕಚೇರಿ ಆವರಣದಲ್ಲಿ ರಾಜ್ಯ ಪಾರ್ಕ್ ಸೇವಾ ಪ್ರತಿಷ್ಠಾನ ಸಮಾಜ ಕ್ಷೇತ್ರದ ಅಧ್ಯಕ್ಷರಾಗಿ ಪದಗ್ರಹಣ
ತರಗತಿಗೆ ಅಡ್ಡಿ ಆರೋಪ: ವಿದ್ಯಾರ್ಥಿಗಳ ವಿರುದ್ಧ
ಗಂಗೋತ್ರಿ ಉಪನ್ಯಾಸಕಿ ಪೊಲೀಸರಿಗೆ ದೂರು

ಮೈಸೂರು ನಗರದ ಕುಕ್ಕರಹಳ್ಳಿ ಮತ್ತು ಹೆಬ್ಬಾಳು ಕೆರೆಗಳಲ್ಲಿ ಸಾವನ್ನಪ್ಪಿದ ಪಕ್ಷಿಗಳ ಬಗ್ಗೆ ಶಾಸಕರು ಅಧಿಕಾರಿಗಳೊಂದಿಗೆ ಪರಿಶೀಲನೆ ನಡೆಸಿದರು. ಹಕ್ಕಿ ಜ್ವರದ ಬಗ್ಗೆ ಸಾರ್ವಜನಿಕರು ಆತಂಕಪಡುವ ಅಗತ್ಯವಿಲ್ಲ ಎಂದು ತಿಳಿಸಿದರು. ಕೆರೆ ಆವರಣದಲ್ಲಿ ಸ್ವಚ್ಛತೆ ಕಾಪಾಡಲು ಸೂಚನೆ ನೀಡಲಾಯಿತು. ಪಾಲಿಕೆ ಅಧಿಕಾರಿಗಳು, ಅರಣ್ಯ ಇಲಾಖೆ ಹಾಗೂ ಪಶುಸಂಗೋಪನಾ ಇಲಾಖೆಯ ಸಿಬ್ಬಂದಿ ಉಪಸ್ಥಿತರಿದ್ದರು.

ಮೈಸೂರು ನಗರದ ಕುಕ್ಕರಹಳ್ಳಿ ಮತ್ತು ಹೆಬ್ಬಾಳು ಕೆರೆಗಳಲ್ಲಿ ಸಾವನ್ನಪ್ಪಿದ ಪಕ್ಷಿಗಳ ಬಗ್ಗೆ ಶಾಸಕರು ಅಧಿಕಾರಿಗಳೊಂದಿಗೆ ಪರಿಶೀಲನೆ ನಡೆಸಿದರು. ಹಕ್ಕಿ ಜ್ವರದ ಬಗ್ಗೆ ಸಾರ್ವಜನಿಕರು ಆತಂಕಪಡುವ ಅಗತ್ಯವಿಲ್ಲ ಎಂದು ತಿಳಿಸಿದರು. ಕೆರೆ ಆವರಣದಲ್ಲಿ ಸ್ವಚ್ಛತೆ ಕಾಪಾಡಲು ಸೂಚನೆ ನೀಡಲಾಯಿತು. ಪಾಲಿಕೆ ಅಧಿಕಾರಿಗಳು, ಅರಣ್ಯ ಇಲಾಖೆ ಹಾಗೂ ಪಶುಸಂಗೋಪನಾ ಇಲಾಖೆಯ ಸಿಬ್ಬಂದಿ ಉಪಸ್ಥಿತರಿದ್ದರು.

ಮೈಸೂರು ನಗರದ ಕುಕ್ಕರಹಳ್ಳಿ ಮತ್ತು ಹೆಬ್ಬಾಳು ಕೆರೆಗಳಲ್ಲಿ ಸಾವನ್ನಪ್ಪಿದ ಪಕ್ಷಿಗಳ ಬಗ್ಗೆ ಶಾಸಕರು ಅಧಿಕಾರಿಗಳೊಂದಿಗೆ ಪರಿಶೀಲನೆ ನಡೆಸಿದರು. ಹಕ್ಕಿ ಜ್ವರದ ಬಗ್ಗೆ ಸಾರ್ವಜನಿಕರು ಆತಂಕಪಡುವ ಅಗತ್ಯವಿಲ್ಲ ಎಂದು ತಿಳಿಸಿದರು. ಕೆರೆ ಆವರಣದಲ್ಲಿ ಸ್ವಚ್ಛತೆ ಕಾಪಾಡಲು ಸೂಚನೆ ನೀಡಲಾಯಿತು. ಪಾಲಿಕೆ ಅಧಿಕಾರಿಗಳು, ಅರಣ್ಯ ಇಲಾಖೆ ಹಾಗೂ ಪಶುಸಂಗೋಪನಾ ಇಲಾಖೆಯ ಸಿಬ್ಬಂದಿ ಉಪಸ್ಥಿತರಿದ್ದರು.

ಮೈಸೂರು ನಗರದ ಕುಕ್ಕರಹಳ್ಳಿ ಮತ್ತು ಹೆಬ್ಬಾಳು ಕೆರೆಗಳಲ್ಲಿ ಸಾವನ್ನಪ್ಪಿದ ಪಕ್ಷಿಗಳ ಬಗ್ಗೆ ಶಾಸಕರು ಅಧಿಕಾರಿಗಳೊಂದಿಗೆ ಪರಿಶೀಲನೆ ನಡೆಸಿದರು. ಹಕ್ಕಿ ಜ್ವರದ ಬಗ್ಗೆ ಸಾರ್ವಜನಿಕರು ಆತಂಕಪಡುವ ಅಗತ್ಯವಿಲ್ಲ ಎಂದು ತಿಳಿಸಿದರು. ಕೆರೆ ಆವರಣದಲ್ಲಿ ಸ್ವಚ್ಛತೆ ಕಾಪಾಡಲು ಸೂಚನೆ ನೀಡಲಾಯಿತು. ಪಾಲಿಕೆ ಅಧಿಕಾರಿಗಳು, ಅರಣ್ಯ ಇಲಾಖೆ ಹಾಗೂ ಪಶುಸಂಗೋಪನಾ ಇಲಾಖೆಯ ಸಿಬ್ಬಂದಿ ಉಪಸ್ಥಿತರಿದ್ದರು.

ಕೊಲೆ ಆರೋಪಿಗಾಗಿ ಪೊಲೀಸರ ಹುಡುಕಾಟ

ಮೈಸೂರು ನಗರದ ಕುಕ್ಕರಹಳ್ಳಿ ಮತ್ತು ಹೆಬ್ಬಾಳು ಕೆರೆಗಳಲ್ಲಿ ಸಾವನ್ನಪ್ಪಿದ ಪಕ್ಷಿಗಳ ಬಗ್ಗೆ ಶಾಸಕರು ಅಧಿಕಾರಿಗಳೊಂದಿಗೆ ಪರಿಶೀಲನೆ ನಡೆಸಿದರು. ಹಕ್ಕಿ ಜ್ವರದ ಬಗ್ಗೆ ಸಾರ್ವಜನಿಕರು ಆತಂಕಪಡುವ ಅಗತ್ಯವಿಲ್ಲ ಎಂದು ತಿಳಿಸಿದರು. ಕೆರೆ ಆವರಣದಲ್ಲಿ ಸ್ವಚ್ಛತೆ ಕಾಪಾಡಲು ಸೂಚನೆ ನೀಡಲಾಯಿತು. ಪಾಲಿಕೆ ಅಧಿಕಾರಿಗಳು, ಅರಣ್ಯ ಇಲಾಖೆ ಹಾಗೂ ಪಶುಸಂಗೋಪನಾ ಇಲಾಖೆಯ ಸಿಬ್ಬಂದಿ ಉಪಸ್ಥಿತರಿದ್ದರು.

ಮೈಸೂರು ನಗರದ ಕುಕ್ಕರಹಳ್ಳಿ ಮತ್ತು ಹೆಬ್ಬಾಳು ಕೆರೆಗಳಲ್ಲಿ ಸಾವನ್ನಪ್ಪಿದ ಪಕ್ಷಿಗಳ ಬಗ್ಗೆ ಶಾಸಕರು ಅಧಿಕಾರಿಗಳೊಂದಿಗೆ ಪರಿಶೀಲನೆ ನಡೆಸಿದರು. ಹಕ್ಕಿ ಜ್ವರದ ಬಗ್ಗೆ ಸಾರ್ವಜನಿಕರು ಆತಂಕಪಡುವ ಅಗತ್ಯವಿಲ್ಲ ಎಂದು ತಿಳಿಸಿದರು. ಕೆರೆ ಆವರಣದಲ್ಲಿ ಸ್ವಚ್ಛತೆ ಕಾಪಾಡಲು ಸೂಚನೆ ನೀಡಲಾಯಿತು. ಪಾಲಿಕೆ ಅಧಿಕಾರಿಗಳು, ಅರಣ್ಯ ಇಲಾಖೆ ಹಾಗೂ ಪಶುಸಂಗೋಪನಾ ಇಲಾಖೆಯ ಸಿಬ್ಬಂದಿ ಉಪಸ್ಥಿತರಿದ್ದರು.

ಮೈಸೂರು ನಗರದ ಕುಕ್ಕರಹಳ್ಳಿ ಮತ್ತು ಹೆಬ್ಬಾಳು ಕೆರೆಗಳಲ್ಲಿ ಸಾವನ್ನಪ್ಪಿದ ಪಕ್ಷಿಗಳ ಬಗ್ಗೆ ಶಾಸಕರು ಅಧಿಕಾರಿಗಳೊಂದಿಗೆ ಪರಿಶೀಲನೆ ನಡೆಸಿದರು. ಹಕ್ಕಿ ಜ್ವರದ ಬಗ್ಗೆ ಸಾರ್ವಜನಿಕರು ಆತಂಕಪಡುವ ಅಗತ್ಯವಿಲ್ಲ ಎಂದು ತಿಳಿಸಿದರು. ಕೆರೆ ಆವರಣದಲ್ಲಿ ಸ್ವಚ್ಛತೆ ಕಾಪಾಡಲು ಸೂಚನೆ ನೀಡಲಾಯಿತು. ಪಾಲಿಕೆ ಅಧಿಕಾರಿಗಳು, ಅರಣ್ಯ ಇಲಾಖೆ ಹಾಗೂ ಪಶುಸಂಗೋಪನಾ ಇಲಾಖೆಯ ಸಿಬ್ಬಂದಿ ಉಪಸ್ಥಿತರಿದ್ದರು.

ನೃತ್ಯ ವರ್ಣನಂ ಭರತನಾಟ್ಯ ವಿಚಾರ ಪ್ರದರ್ಶನ

ಮೈಸೂರು ನಗರದ ಕುಕ್ಕರಹಳ್ಳಿ ಮತ್ತು ಹೆಬ್ಬಾಳು ಕೆರೆಗಳಲ್ಲಿ ಸಾವನ್ನಪ್ಪಿದ ಪಕ್ಷಿಗಳ ಬಗ್ಗೆ ಶಾಸಕರು ಅಧಿಕಾರಿಗಳೊಂದಿಗೆ ಪರಿಶೀಲನೆ ನಡೆಸಿದರು. ಹಕ್ಕಿ ಜ್ವರದ ಬಗ್ಗೆ ಸಾರ್ವಜನಿಕರು ಆತಂಕಪಡುವ ಅಗತ್ಯವಿಲ್ಲ ಎಂದು ತಿಳಿಸಿದರು. ಕೆರೆ ಆವರಣದಲ್ಲಿ ಸ್ವಚ್ಛತೆ ಕಾಪಾಡಲು ಸೂಚನೆ ನೀಡಲಾಯಿತು. ಪಾಲಿಕೆ ಅಧಿಕಾರಿಗಳು, ಅರಣ್ಯ ಇಲಾಖೆ ಹಾಗೂ ಪಶುಸಂಗೋಪನಾ ಇಲಾಖೆಯ ಸಿಬ್ಬಂದಿ ಉಪಸ್ಥಿತರಿದ್ದರು.

ಮೈಸೂರು ನಗರದ ಕುಕ್ಕರಹಳ್ಳಿ ಮತ್ತು ಹೆಬ್ಬಾಳು ಕೆರೆಗಳಲ್ಲಿ ಸಾವನ್ನಪ್ಪಿದ ಪಕ್ಷಿಗಳ ಬಗ್ಗೆ ಶಾಸಕರು ಅಧಿಕಾರಿಗಳೊಂದಿಗೆ ಪರಿಶೀಲನೆ ನಡೆಸಿದರು. ಹಕ್ಕಿ ಜ್ವರದ ಬಗ್ಗೆ ಸಾರ್ವಜನಿಕರು ಆತಂಕಪಡುವ ಅಗತ್ಯವಿಲ್ಲ ಎಂದು ತಿಳಿಸಿದರು. ಕೆರೆ ಆವರಣದಲ್ಲಿ ಸ್ವಚ್ಛತೆ ಕಾಪಾಡಲು ಸೂಚನೆ ನೀಡಲಾಯಿತು. ಪಾಲಿಕೆ ಅಧಿಕಾರಿಗಳು, ಅರಣ್ಯ ಇಲಾಖೆ ಹಾಗೂ ಪಶುಸಂಗೋಪನಾ ಇಲಾಖೆಯ ಸಿಬ್ಬಂದಿ ಉಪಸ್ಥಿತರಿದ್ದರು.

ಇಂದಿನಿಂದ ತಾಂತ್ರಿಕ ಕೌಶಲ್ಯ ಅಭಿವೃದ್ಧಿ ಕಾರ್ಯಕ್ರಮ

ಮೈಸೂರು ನಗರದ ಕುಕ್ಕರಹಳ್ಳಿ ಮತ್ತು ಹೆಬ್ಬಾಳು ಕೆರೆಗಳಲ್ಲಿ ಸಾವನ್ನಪ್ಪಿದ ಪಕ್ಷಿಗಳ ಬಗ್ಗೆ ಶಾಸಕರು ಅಧಿಕಾರಿಗಳೊಂದಿಗೆ ಪರಿಶೀಲನೆ ನಡೆಸಿದರು. ಹಕ್ಕಿ ಜ್ವರದ ಬಗ್ಗೆ ಸಾರ್ವಜನಿಕರು ಆತಂಕಪಡುವ ಅಗತ್ಯವಿಲ್ಲ ಎಂದು ತಿಳಿಸಿದರು. ಕೆರೆ ಆವರಣದಲ್ಲಿ ಸ್ವಚ್ಛತೆ ಕಾಪಾಡಲು ಸೂಚನೆ ನೀಡಲಾಯಿತು. ಪಾಲಿಕೆ ಅಧಿಕಾರಿಗಳು, ಅರಣ್ಯ ಇಲಾಖೆ ಹಾಗೂ ಪಶುಸಂಗೋಪನಾ ಇಲಾಖೆಯ ಸಿಬ್ಬಂದಿ ಉಪಸ್ಥಿತರಿದ್ದರು.

MATLAB & Simulink

ಮೈಸೂರು ನಗರದ ಕುಕ್ಕರಹಳ್ಳಿ ಮತ್ತು ಹೆಬ್ಬಾಳು ಕೆರೆಗಳಲ್ಲಿ ಸಾವನ್ನಪ್ಪಿದ ಪಕ್ಷಿಗಳ ಬಗ್ಗೆ ಶಾಸಕರು ಅಧಿಕಾರಿಗಳೊಂದಿಗೆ ಪರಿಶೀಲನೆ ನಡೆಸಿದರು. ಹಕ್ಕಿ ಜ್ವರದ ಬಗ್ಗೆ ಸಾರ್ವಜನಿಕರು ಆತಂಕಪಡುವ ಅಗತ್ಯವಿಲ್ಲ ಎಂದು ತಿಳಿಸಿದರು. ಕೆರೆ ಆವರಣದಲ್ಲಿ ಸ್ವಚ್ಛತೆ ಕಾಪಾಡಲು ಸೂಚನೆ ನೀಡಲಾಯಿತು. ಪಾಲಿಕೆ ಅಧಿಕಾರಿಗಳು, ಅರಣ್ಯ ಇಲಾಖೆ ಹಾಗೂ ಪಶುಸಂಗೋಪನಾ ಇಲಾಖೆಯ ಸಿಬ್ಬಂದಿ ಉಪಸ್ಥಿತರಿದ್ದರು.

ನಾಳೆಯಿಂದ 'ಮೈಲ್ಯಾಕ್ ಮೈಸೂರ್' ಚಿತ್ರಕಲಾ ಪ್ರದರ್ಶನ

ಮೈಸೂರು ನಗರದ ಕುಕ್ಕರಹಳ್ಳಿ ಮತ್ತು ಹೆಬ್ಬಾಳು ಕೆರೆಗಳಲ್ಲಿ ಸಾವನ್ನಪ್ಪಿದ ಪಕ್ಷಿಗಳ ಬಗ್ಗೆ ಶಾಸಕರು ಅಧಿಕಾರಿಗಳೊಂದಿಗೆ ಪರಿಶೀಲನೆ ನಡೆಸಿದರು. ಹಕ್ಕಿ ಜ್ವರದ ಬಗ್ಗೆ ಸಾರ್ವಜನಿಕರು ಆತಂಕಪಡುವ ಅಗತ್ಯವಿಲ್ಲ ಎಂದು ತಿಳಿಸಿದರು. ಕೆರೆ ಆವರಣದಲ್ಲಿ ಸ್ವಚ್ಛತೆ ಕಾಪಾಡಲು ಸೂಚನೆ ನೀಡಲಾಯಿತು. ಪಾಲಿಕೆ ಅಧಿಕಾರಿಗಳು, ಅರಣ್ಯ ಇಲಾಖೆ ಹಾಗೂ ಪಶುಸಂಗೋಪನಾ ಇಲಾಖೆಯ ಸಿಬ್ಬಂದಿ ಉಪಸ್ಥಿತರಿದ್ದರು.

ನಾಳೆ ಹಿರಿಯ ವಿದ್ಯಾರ್ಥಿಗಳ ಸಭೆ

ಮೈಸೂರು ನಗರದ ಕುಕ್ಕರಹಳ್ಳಿ ಮತ್ತು ಹೆಬ್ಬಾಳು ಕೆರೆಗಳಲ್ಲಿ ಸಾವನ್ನಪ್ಪಿದ ಪಕ್ಷಿಗಳ ಬಗ್ಗೆ ಶಾಸಕರು ಅಧಿಕಾರಿಗಳೊಂದಿಗೆ ಪರಿಶೀಲನೆ ನಡೆಸಿದರು. ಹಕ್ಕಿ ಜ್ವರದ ಬಗ್ಗೆ ಸಾರ್ವಜನಿಕರು ಆತಂಕಪಡುವ ಅಗತ್ಯವಿಲ್ಲ ಎಂದು ತಿಳಿಸಿದರು. ಕೆರೆ ಆವರಣದಲ್ಲಿ ಸ್ವಚ್ಛತೆ ಕಾಪಾಡಲು ಸೂಚನೆ ನೀಡಲಾಯಿತು. ಪಾಲಿಕೆ ಅಧಿಕಾರಿಗಳು, ಅರಣ್ಯ ಇಲಾಖೆ ಹಾಗೂ ಪಶುಸಂಗೋಪನಾ ಇಲಾಖೆಯ ಸಿಬ್ಬಂದಿ ಉಪಸ್ಥಿತರಿದ್ದರು.

ಮೈಸೂರು ನಗರದ ಕುಕ್ಕರಹಳ್ಳಿ ಮತ್ತು ಹೆಬ್ಬಾಳು ಕೆರೆಗಳಲ್ಲಿ ಸಾವನ್ನಪ್ಪಿದ ಪಕ್ಷಿಗಳ ಬಗ್ಗೆ ಶಾಸಕರು ಅಧಿಕಾರಿಗಳೊಂದಿಗೆ ಪರಿಶೀಲನೆ ನಡೆಸಿದರು. ಹಕ್ಕಿ ಜ್ವರದ ಬಗ್ಗೆ ಸಾರ್ವಜನಿಕರು ಆತಂಕಪಡುವ ಅಗತ್ಯವಿಲ್ಲ ಎಂದು ತಿಳಿಸಿದರು. ಕೆರೆ ಆವರಣದಲ್ಲಿ ಸ್ವಚ್ಛತೆ ಕಾಪಾಡಲು ಸೂಚನೆ ನೀಡಲಾಯಿತು. ಪಾಲಿಕೆ ಅಧಿಕಾರಿಗಳು, ಅರಣ್ಯ ಇಲಾಖೆ ಹಾಗೂ ಪಶುಸಂಗೋಪನಾ ಇಲಾಖೆಯ ಸಿಬ್ಬಂದಿ ಉಪಸ್ಥಿತರಿದ್ದರು.

ಮನೆ ಬೀಗ ಮುರಿದು ನಗ-ನಾಣ್ಯ ಕಳವು

ಮೈಸೂರು ನಗರದ ಕುಕ್ಕರಹಳ್ಳಿ ಮತ್ತು ಹೆಬ್ಬಾಳು ಕೆರೆಗಳಲ್ಲಿ ಸಾವನ್ನಪ್ಪಿದ ಪಕ್ಷಿಗಳ ಬಗ್ಗೆ ಶಾಸಕರು ಅಧಿಕಾರಿಗಳೊಂದಿಗೆ ಪರಿಶೀಲನೆ ನಡೆಸಿದರು. ಹಕ್ಕಿ ಜ್ವರದ ಬಗ್ಗೆ ಸಾರ್ವಜನಿಕರು ಆತಂಕಪಡುವ ಅಗತ್ಯವಿಲ್ಲ ಎಂದು ತಿಳಿಸಿದರು. ಕೆರೆ ಆವರಣದಲ್ಲಿ ಸ್ವಚ್ಛತೆ ಕಾಪಾಡಲು ಸೂಚನೆ ನೀಡಲಾಯಿತು. ಪಾಲಿಕೆ ಅಧಿಕಾರಿಗಳು, ಅರಣ್ಯ ಇಲಾಖೆ ಹಾಗೂ ಪಶುಸಂಗೋಪನಾ ಇಲಾಖೆಯ ಸಿಬ್ಬಂದಿ ಉಪಸ್ಥಿತರಿದ್ದರು.

ಮೈಸೂರು ನಗರದ ಕುಕ್ಕರಹಳ್ಳಿ ಮತ್ತು ಹೆಬ್ಬಾಳು ಕೆರೆಗಳಲ್ಲಿ ಸಾವನ್ನಪ್ಪಿದ ಪಕ್ಷಿಗಳ ಬಗ್ಗೆ ಶಾಸಕರು ಅಧಿಕಾರಿಗಳೊಂದಿಗೆ ಪರಿಶೀಲನೆ ನಡೆಸಿದರು. ಹಕ್ಕಿ ಜ್ವರದ ಬಗ್ಗೆ ಸಾರ್ವಜನಿಕರು ಆತಂಕಪಡುವ ಅಗತ್ಯವಿಲ್ಲ ಎಂದು ತಿಳಿಸಿದರು. ಕೆರೆ ಆವರಣದಲ್ಲಿ ಸ್ವಚ್ಛತೆ ಕಾಪಾಡಲು ಸೂಚನೆ ನೀಡಲಾಯಿತು. ಪಾಲಿಕೆ ಅಧಿಕಾರಿಗಳು, ಅರಣ್ಯ ಇಲಾಖೆ ಹಾಗೂ ಪಶುಸಂಗೋಪನಾ ಇಲಾಖೆಯ ಸಿಬ್ಬಂದಿ ಉಪಸ್ಥಿತರಿದ್ದರು.

ಮೈಸೂರು ನಗರದ ಕುಕ್ಕರಹಳ್ಳಿ ಮತ್ತು ಹೆಬ್ಬಾಳು ಕೆರೆಗಳಲ್ಲಿ ಸಾವನ್ನಪ್ಪಿದ ಪಕ್ಷಿಗಳ ಬಗ್ಗೆ ಶಾಸಕರು ಅಧಿಕಾರಿಗಳೊಂದಿಗೆ ಪರಿಶೀಲನೆ ನಡೆಸಿದರು. ಹಕ್ಕಿ ಜ್ವರದ ಬಗ್ಗೆ ಸಾರ್ವಜನಿಕರು ಆತಂಕಪಡುವ ಅಗತ್ಯವಿಲ್ಲ ಎಂದು ತಿಳಿಸಿದರು. ಕೆರೆ ಆವರಣದಲ್ಲಿ ಸ್ವಚ್ಛತೆ ಕಾಪಾಡಲು ಸೂಚನೆ ನೀಡಲಾಯಿತು. ಪಾಲಿಕೆ ಅಧಿಕಾರಿಗಳು, ಅರಣ್ಯ ಇಲಾಖೆ ಹಾಗೂ ಪಶುಸಂಗೋಪನಾ ಇಲಾಖೆಯ ಸಿಬ್ಬಂದಿ ಉಪಸ್ಥಿತರಿದ್ದರು.

ಮೈಸೂರು ನಗರದ ಕುಕ್ಕರಹಳ್ಳಿ ಮತ್ತು ಹೆಬ್ಬಾಳು ಕೆರೆಗಳಲ್ಲಿ ಸಾವನ್ನಪ್ಪಿದ ಪಕ್ಷಿಗಳ ಬಗ್ಗೆ ಶಾಸಕರು ಅಧಿಕಾರಿಗಳೊಂದಿಗೆ ಪರಿಶೀಲನೆ ನಡೆಸಿದರು. ಹಕ್ಕಿ ಜ್ವರದ ಬಗ್ಗೆ ಸಾರ್ವಜನಿಕರು ಆತಂಕಪಡುವ ಅಗತ್ಯವಿಲ್ಲ ಎಂದು ತಿಳಿಸಿದರು. ಕೆರೆ ಆವರಣದಲ್ಲಿ ಸ್ವಚ್ಛತೆ ಕಾಪಾಡಲು ಸೂಚನೆ ನೀಡಲಾಯಿತು. ಪಾಲಿಕೆ ಅಧಿಕಾರಿಗಳು, ಅರಣ್ಯ ಇಲಾಖೆ ಹಾಗೂ ಪಶುಸಂಗೋಪನಾ ಇಲಾಖೆಯ ಸಿಬ್ಬಂದಿ ಉಪಸ್ಥಿತರಿದ್ದರು.

ಮೈಸೂರು ಪಾಲಿಕೆಗೆ ನೇರ ನೇಮಕಾತಿಯಲ್ಲಿ ಇಬ್ಬರು
ಗುತ್ತಿಗೆ ಪೌರಕಾರ್ಮಿಕರ ಕೈಬಿಟ್ಟಿದ್ದಕ್ಕೆ ಪ್ರತಿಭಟನೆ
ಮೈಸೂರು ಡಿ.ಸಿ ಕಚೇರಿ ಎದುರು ಮೈಸೂರು ಪಾಲಿಕೆಯ ಗುತ್ತಿಗೆ ಪೌರಕಾರ್ಮಿಕರು ಗುರುವಾರ ಪ್ರತಿಭಟನೆ ನಡೆಸಿದರು.

ಮೈಸೂರು ನಗರದ ಕುಕ್ಕರಹಳ್ಳಿ ಮತ್ತು ಹೆಬ್ಬಾಳು ಕೆರೆಗಳಲ್ಲಿ ಸಾವನ್ನಪ್ಪಿದ ಪಕ್ಷಿಗಳ ಬಗ್ಗೆ ಶಾಸಕರು ಅಧಿಕಾರಿಗಳೊಂದಿಗೆ ಪರಿಶೀಲನೆ ನಡೆಸಿದರು. ಹಕ್ಕಿ ಜ್ವರದ ಬಗ್ಗೆ ಸಾರ್ವಜನಿಕರು ಆತಂಕಪಡುವ ಅಗತ್ಯವಿಲ್ಲ ಎಂದು ತಿಳಿಸಿದರು. ಕೆರೆ ಆವರಣದಲ್ಲಿ ಸ್ವಚ್ಛತೆ ಕಾಪಾಡಲು ಸೂಚನೆ ನೀಡಲಾಯಿತು. ಪಾಲಿಕೆ ಅಧಿಕಾರಿಗಳು, ಅರಣ್ಯ ಇಲಾಖೆ ಹಾಗೂ ಪಶುಸಂಗೋಪನಾ ಇಲಾಖೆಯ ಸಿಬ್ಬಂದಿ ಉಪಸ್ಥಿತರಿದ್ದರು.

ಮೈಸೂರು ನಗರದ ಕುಕ್ಕರಹಳ್ಳಿ ಮತ್ತು ಹೆಬ್ಬಾಳು ಕೆರೆಗಳಲ್ಲಿ ಸಾವನ್ನಪ್ಪಿದ ಪಕ್ಷಿಗಳ ಬಗ್ಗೆ ಶಾಸಕರು ಅಧಿಕಾರಿಗಳೊಂದಿಗೆ ಪರಿಶೀಲನೆ ನಡೆಸಿದರು. ಹಕ್ಕಿ ಜ್ವರದ ಬಗ್ಗೆ ಸಾರ್ವಜನಿಕರು ಆತಂಕಪಡುವ ಅಗತ್ಯವಿಲ್ಲ ಎಂದು ತಿಳಿಸಿದರು. ಕೆರೆ ಆವರಣದಲ್ಲಿ ಸ್ವಚ್ಛತೆ ಕಾಪಾಡಲು ಸೂಚನೆ ನೀಡಲಾಯಿತು. ಪಾಲಿಕೆ ಅಧಿಕಾರಿಗಳು, ಅರಣ್ಯ ಇಲಾಖೆ ಹಾಗೂ ಪಶುಸಂಗೋಪನಾ ಇಲಾಖೆಯ ಸಿಬ್ಬಂದಿ ಉಪಸ್ಥಿತರಿದ್ದರು.

ಮೈಸೂರು ನಗರದ ಕುಕ್ಕರಹಳ್ಳಿ ಮತ್ತು ಹೆಬ್ಬಾಳು ಕೆರೆಗಳಲ್ಲಿ ಸಾವನ್ನಪ್ಪಿದ ಪಕ್ಷಿಗಳ ಬಗ್ಗೆ ಶಾಸಕರು ಅಧಿಕಾರಿಗಳೊಂದಿಗೆ ಪರಿಶೀಲನೆ ನಡೆಸಿದರು. ಹಕ್ಕಿ ಜ್ವರದ ಬಗ್ಗೆ ಸಾರ್ವಜನಿಕರು ಆತಂಕಪಡುವ ಅಗತ್ಯವಿಲ್ಲ ಎಂದು ತಿಳಿಸಿದರು. ಕೆರೆ ಆವರಣದಲ್ಲಿ ಸ್ವಚ್ಛತೆ ಕಾಪಾಡಲು ಸೂಚನೆ ನೀಡಲಾಯಿತು. ಪಾಲಿಕೆ ಅಧಿಕಾರಿಗಳು, ಅರಣ್ಯ ಇಲಾಖೆ ಹಾಗೂ ಪಶುಸಂಗೋಪನಾ ಇಲಾಖೆಯ ಸಿಬ್ಬಂದಿ ಉಪಸ್ಥಿತರಿದ್ದರು.

ಮೈಸೂರು ನಗರದ ಕುಕ್ಕರಹಳ್ಳಿ ಮತ್ತು ಹೆಬ್ಬಾಳು ಕೆರೆಗಳಲ್ಲಿ ಸಾವನ್ನಪ್ಪಿದ ಪಕ್ಷಿಗಳ ಬಗ್ಗೆ ಶಾಸಕರು ಅಧಿಕಾರಿಗಳೊಂದಿಗೆ ಪರಿಶೀಲನೆ ನಡೆಸಿದರು. ಹಕ್ಕಿ ಜ್ವರದ ಬಗ್ಗೆ ಸಾರ್ವಜನಿಕರು ಆತಂಕಪಡುವ ಅಗತ್ಯವಿಲ್ಲ ಎಂದು ತಿಳಿಸಿದರು. ಕೆರೆ ಆವರಣದಲ್ಲಿ ಸ್ವಚ್ಛತೆ ಕಾಪಾಡಲು ಸೂಚನೆ ನೀಡಲಾಯಿತು. ಪಾಲಿಕೆ ಅಧಿಕಾರಿಗಳು, ಅರಣ್ಯ ಇಲಾಖೆ ಹಾಗೂ ಪಶುಸಂಗೋಪನಾ ಇಲಾಖೆಯ ಸಿಬ್ಬಂದಿ ಉಪಸ್ಥಿತರಿದ್ದರು.

ಮೈಸೂರು ನಗರದ ಕುಕ್ಕರಹಳ್ಳಿ ಮತ್ತು ಹೆಬ್ಬಾಳು ಕೆರೆಗಳಲ್ಲಿ ಸಾವನ್ನಪ್ಪಿದ ಪಕ್ಷಿಗಳ ಬಗ್ಗೆ ಶಾಸಕರು ಅಧಿಕಾರಿಗಳೊಂದಿಗೆ ಪರಿಶೀಲನೆ ನಡೆಸಿದರು. ಹಕ್ಕಿ ಜ್ವರದ ಬಗ್ಗೆ ಸಾರ್ವಜನಿಕರು ಆತಂಕಪಡುವ ಅಗತ್ಯವಿಲ್ಲ ಎಂದು ತಿಳಿಸಿದರು. ಕೆರೆ ಆವರಣದಲ್ಲಿ ಸ್ವಚ್ಛತೆ ಕಾಪಾಡಲು ಸೂಚನೆ ನೀಡಲಾಯಿತು. ಪಾಲಿಕೆ ಅಧಿಕಾರಿಗಳು, ಅರಣ್ಯ ಇಲಾಖೆ ಹಾಗೂ ಪಶುಸಂಗೋಪನಾ ಇಲಾಖೆಯ ಸಿಬ್ಬಂದಿ ಉಪಸ್ಥಿತರಿದ್ದರು.

ಮೈಸೂರು ನಗರದ ಕುಕ್ಕರಹಳ್ಳಿ ಮತ್ತು ಹೆಬ್ಬಾಳು ಕೆರೆಗಳಲ್ಲಿ ಸಾವನ್ನಪ್ಪಿದ ಪಕ್ಷಿಗಳ ಬಗ್ಗೆ ಶಾಸಕರು ಅಧಿಕಾರಿಗಳೊಂದಿಗೆ ಪರಿಶೀಲನೆ ನಡೆಸಿದರು. ಹಕ್ಕಿ ಜ್ವರದ ಬಗ್ಗೆ ಸಾರ್ವಜನಿಕರು ಆತಂಕಪಡುವ ಅಗತ್ಯವಿಲ್ಲ ಎಂದು ತಿಳಿಸಿದರು. ಕೆರೆ ಆವರಣದಲ್ಲಿ ಸ್ವಚ್ಛತೆ ಕಾಪಾಡಲು ಸೂಚನೆ ನೀಡಲಾಯಿತು. ಪಾಲಿಕೆ ಅಧಿಕಾರಿಗಳು, ಅರಣ್ಯ ಇಲಾಖೆ ಹಾಗೂ ಪಶುಸಂಗೋಪನಾ ಇಲಾಖೆಯ ಸಿಬ್ಬಂದಿ ಉಪಸ್ಥಿತರಿದ್ದರು.

ಮೈಸೂರು ನಗರದ ಕುಕ್ಕರಹಳ್ಳಿ ಮತ್ತು ಹೆಬ್ಬಾಳು ಕೆರೆಗಳಲ್ಲಿ ಸಾವನ್ನಪ್ಪಿದ ಪಕ್ಷಿಗಳ ಬಗ್ಗೆ ಶಾಸಕರು ಅಧಿಕಾರಿಗಳೊಂದಿಗೆ ಪರಿಶೀಲನೆ ನಡೆಸಿದರು. ಹಕ್ಕಿ ಜ್ವರದ ಬಗ್ಗೆ ಸಾರ್ವಜನಿಕರು ಆತಂಕಪಡುವ ಅಗತ್ಯವಿಲ್ಲ ಎಂದು ತಿಳಿಸಿದರು. ಕೆರೆ ಆವರಣದಲ್ಲಿ ಸ್ವಚ್ಛತೆ ಕಾಪಾಡಲು ಸೂಚನೆ ನೀಡಲಾಯಿತು. ಪಾಲಿಕೆ ಅಧಿಕಾರಿಗಳು, ಅರಣ್ಯ ಇಲಾಖೆ ಹಾಗೂ ಪಶುಸಂಗೋಪನಾ ಇಲಾಖೆಯ ಸಿಬ್ಬಂದಿ ಉಪಸ್ಥಿತರಿದ್ದರು.

ಮೈಸೂರು ನಗರದ ಕುಕ್ಕರಹಳ್ಳಿ ಮತ್ತು ಹೆಬ್ಬಾಳು ಕೆರೆಗಳಲ್ಲಿ ಸಾವನ್ನಪ್ಪಿದ ಪಕ್ಷಿಗಳ ಬಗ್ಗೆ ಶಾಸಕರು ಅಧಿಕಾರಿಗಳೊಂದಿಗೆ ಪರಿಶೀಲನೆ ನಡೆಸಿದರು. ಹಕ್ಕಿ ಜ್ವರದ ಬಗ್ಗೆ ಸಾರ್ವಜನಿಕರು ಆತಂಕಪಡುವ ಅಗತ್ಯವಿಲ್ಲ ಎಂದು ತಿಳಿಸಿದರು. ಕೆರೆ ಆವರಣದಲ್ಲಿ ಸ್ವಚ್ಛತೆ ಕಾಪಾಡಲು ಸೂಚನೆ ನೀಡಲಾಯಿತು. ಪಾಲಿಕೆ ಅಧಿಕಾರಿಗಳು, ಅರಣ್ಯ ಇಲಾಖೆ ಹಾಗೂ ಪಶುಸಂಗೋಪನಾ ಇಲಾಖೆಯ ಸಿಬ್ಬಂದಿ ಉಪಸ್ಥಿತರಿದ್ದರು.

ಮೈಸೂರು ನಗರದ ಕುಕ್ಕರಹಳ್ಳಿ ಮತ್ತು ಹೆಬ್ಬಾಳು ಕೆರೆಗಳಲ್ಲಿ ಸಾವನ್ನಪ್ಪಿದ ಪಕ್ಷಿಗಳ ಬಗ್ಗೆ ಶಾಸಕರು ಅಧಿಕಾರಿಗಳೊಂದಿಗೆ ಪರಿಶೀಲನೆ ನಡೆಸಿದರು. ಹಕ್ಕಿ ಜ್ವರದ ಬಗ್ಗೆ ಸಾರ್ವಜನಿಕರು ಆತಂಕಪಡುವ ಅಗತ್ಯವಿಲ್ಲ ಎಂದು ತಿಳಿಸಿದರು. ಕೆರೆ ಆವರಣದಲ್ಲಿ ಸ್ವಚ್ಛತೆ ಕಾಪಾಡಲು ಸೂಚನೆ ನೀಡಲಾಯಿತು. ಪಾಲಿಕೆ ಅಧಿಕಾರಿಗಳು, ಅರಣ್ಯ ಇಲಾಖೆ ಹಾಗೂ ಪಶುಸಂಗೋಪನಾ ಇಲಾಖೆಯ ಸಿಬ್ಬಂದಿ ಉಪಸ್ಥಿತರಿದ್ದರು.

ಮೈಸೂರು ನಗರದ ಕುಕ್ಕರಹಳ್ಳಿ ಮತ್ತು ಹೆಬ್ಬಾಳು ಕೆರೆಗಳಲ್ಲಿ ಸಾವನ್ನಪ್ಪಿದ ಪಕ್ಷಿಗಳ ಬಗ್ಗೆ ಶಾಸಕರು ಅಧಿಕಾರಿಗಳೊಂದಿಗೆ ಪರಿಶೀಲನೆ ನಡೆಸಿದರು. ಹಕ್ಕಿ ಜ್ವರದ ಬಗ್ಗೆ ಸಾರ್ವಜನಿಕರು ಆತಂಕಪಡುವ ಅಗತ್ಯವಿಲ್ಲ ಎಂದು ತಿಳಿಸಿದರು. ಕೆರೆ ಆವರಣದಲ್ಲಿ ಸ್ವಚ್ಛತೆ ಕಾಪಾಡಲು ಸೂಚನೆ ನೀಡಲಾಯಿತು. ಪಾಲಿಕೆ ಅಧಿಕಾರಿಗಳು, ಅರಣ್ಯ ಇಲಾಖೆ ಹಾಗೂ ಪಶುಸಂಗೋಪನಾ ಇಲಾಖೆಯ ಸಿಬ್ಬಂದಿ ಉಪಸ್ಥಿತರಿದ್ದರು.
